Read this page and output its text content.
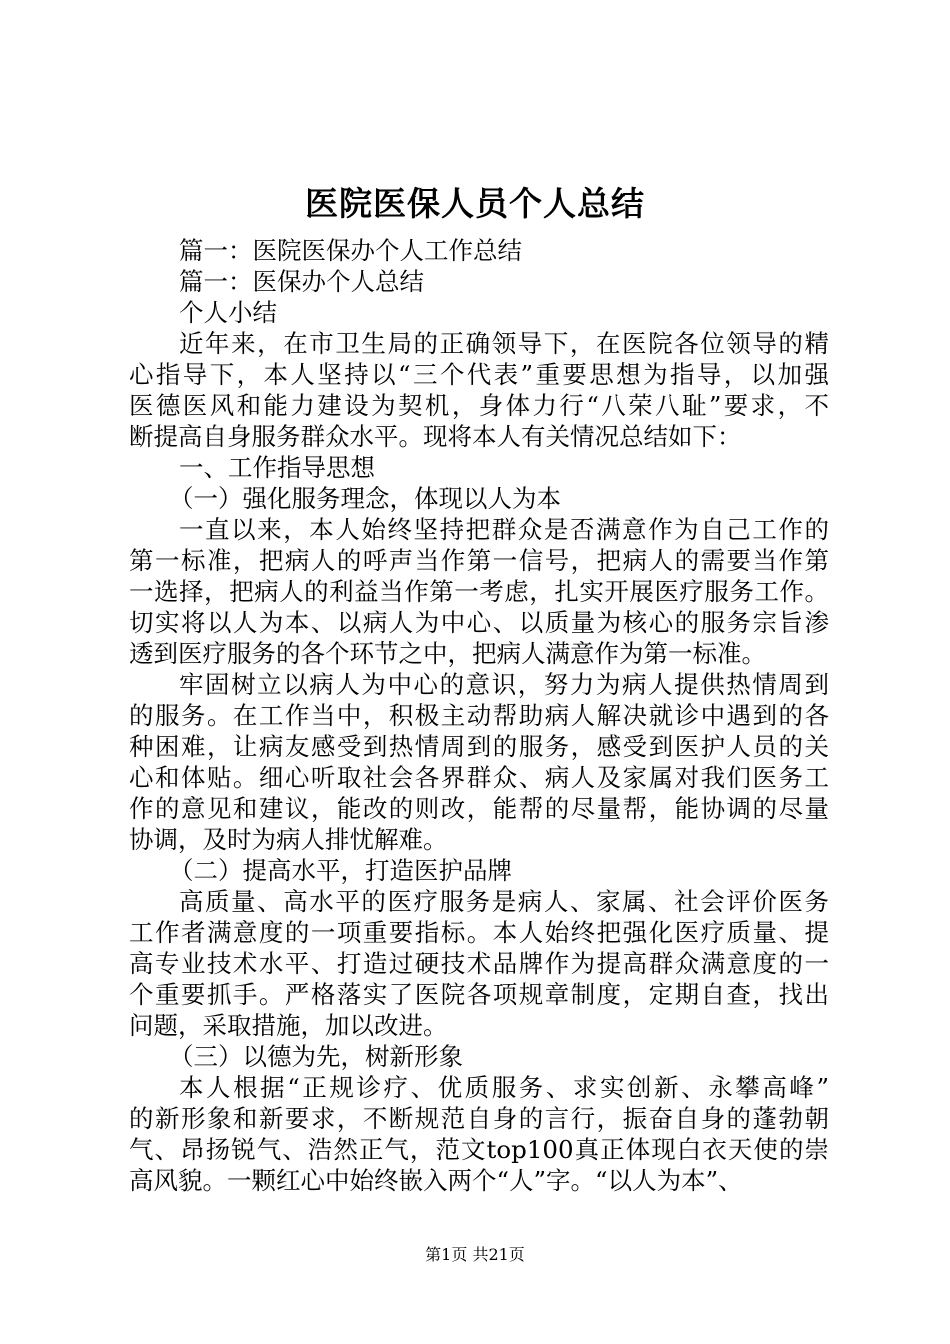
医院医保人员个人总结
篇一：医院医保办个人工作总结
篇一：医保办个人总结
个人小结
近年来，在市卫生局的正确领导下，在医院各位领导的精
心指导下，本人坚持以“三个代表”重要思想为指导，以加强
医德医风和能力建设为契机，身体力行“八荣八耻”要求，不
断提高自身服务群众水平。现将本人有关情况总结如下：
一、工作指导思想
（一）强化服务理念，体现以人为本
一直以来，本人始终坚持把群众是否满意作为自己工作的
第一标准，把病人的呼声当作第一信号，把病人的需要当作第
一选择，把病人的利益当作第一考虑，扎实开展医疗服务工作。
切实将以人为本、以病人为中心、以质量为核心的服务宗旨渗
透到医疗服务的各个环节之中，把病人满意作为第一标准。
牢固树立以病人为中心的意识，努力为病人提供热情周到
的服务。在工作当中，积极主动帮助病人解决就诊中遇到的各
种困难，让病友感受到热情周到的服务，感受到医护人员的关
心和体贴。细心听取社会各界群众、病人及家属对我们医务工
作的意见和建议，能改的则改，能帮的尽量帮，能协调的尽量
协调，及时为病人排忧解难。
（二）提高水平，打造医护品牌
高质量、高水平的医疗服务是病人、家属、社会评价医务
工作者满意度的一项重要指标。本人始终把强化医疗质量、提
高专业技术水平、打造过硬技术品牌作为提高群众满意度的一
个重要抓手。严格落实了医院各项规章制度，定期自查，找出
问题，采取措施，加以改进。
（三）以德为先，树新形象
本人根据“正规诊疗、优质服务、求实创新、永攀高峰”
的新形象和新要求，不断规范自身的言行，振奋自身的蓬勃朝
气、昂扬锐气、浩然正气，范文top100真正体现白衣天使的崇
高风貌。一颗红心中始终嵌入两个“人”字。“以人为本”、
第1页 共21页
